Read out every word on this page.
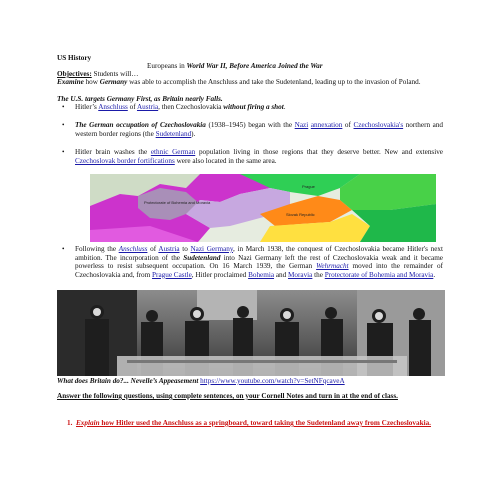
US History
Europeans in World War II, Before America Joined the War
Objectives: Students will…
Examine how Germany was able to accomplish the Anschluss and take the Sudetenland, leading up to the invasion of Poland.
The U.S. targets Germany First, as Britain nearly Falls.
• Hitler’s Anschluss of Austria, then Czechoslovakia without firing a shot.
• The German occupation of Czechoslovakia (1938–1945) began with the Nazi annexation of Czechoslovakia's northern and western border regions (the Sudetenland).
• Hitler brain washes the ethnic German population living in those regions that they deserve better. New and extensive Czechoslovak border fortifications were also located in the same area.
Protectorate of Bohemia and Moravia
Prague
Slovak Republic
• Following the Anschluss of Austria to Nazi Germany, in March 1938, the conquest of Czechoslovakia became Hitler's next ambition. The incorporation of the Sudetenland into Nazi Germany left the rest of Czechoslovakia weak and it became powerless to resist subsequent occupation. On 16 March 1939, the German Wehrmacht moved into the remainder of Czechoslovakia and, from Prague Castle, Hitler proclaimed Bohemia and Moravia the Protectorate of Bohemia and Moravia.
What does Britain do?... Nevelle’s Appeasement https://www.youtube.com/watch?v=SetNFqcaveA
Answer the following questions, using complete sentences, on your Cornell Notes and turn in at the end of class.
1. Explain how Hitler used the Anschluss as a springboard, toward taking the Sudetenland away from Czechoslovakia.
